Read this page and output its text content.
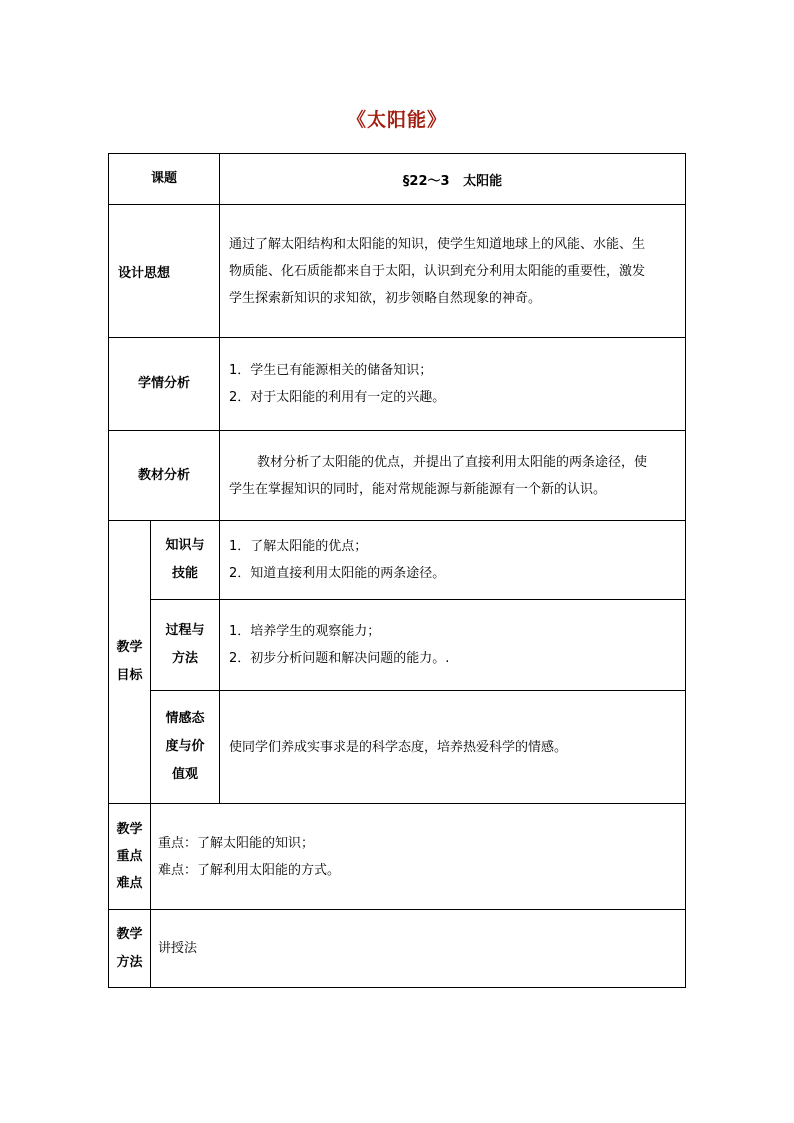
《太阳能》
课题		§22～3   太阳能
设计思想		通过了解太阳结构和太阳能的知识，使学生知道地球上的风能、水能、生
物质能、化石质能都来自于太阳，认识到充分利用太阳能的重要性，激发
学生探索新知识的求知欲，初步领略自然现象的神奇。

学情分析		1．学生已有能源相关的储备知识；
2．对于太阳能的利用有一定的兴趣。

教材分析		教材分析了太阳能的优点，并提出了直接利用太阳能的两条途径，使
学生在掌握知识的同时，能对常规能源与新能源有一个新的认识。

教学
目标	知识与
技能	1．了解太阳能的优点；
2．知道直接利用太阳能的两条途径。

	过程与
方法	1．培养学生的观察能力；
2．初步分析问题和解决问题的能力。.

	情感态
度与价
值观	使同学们养成实事求是的科学态度，培养热爱科学的情感。

教学
重点
难点	重点：了解太阳能的知识；
难点：了解利用太阳能的方式。	

教学
方法	讲授法	
